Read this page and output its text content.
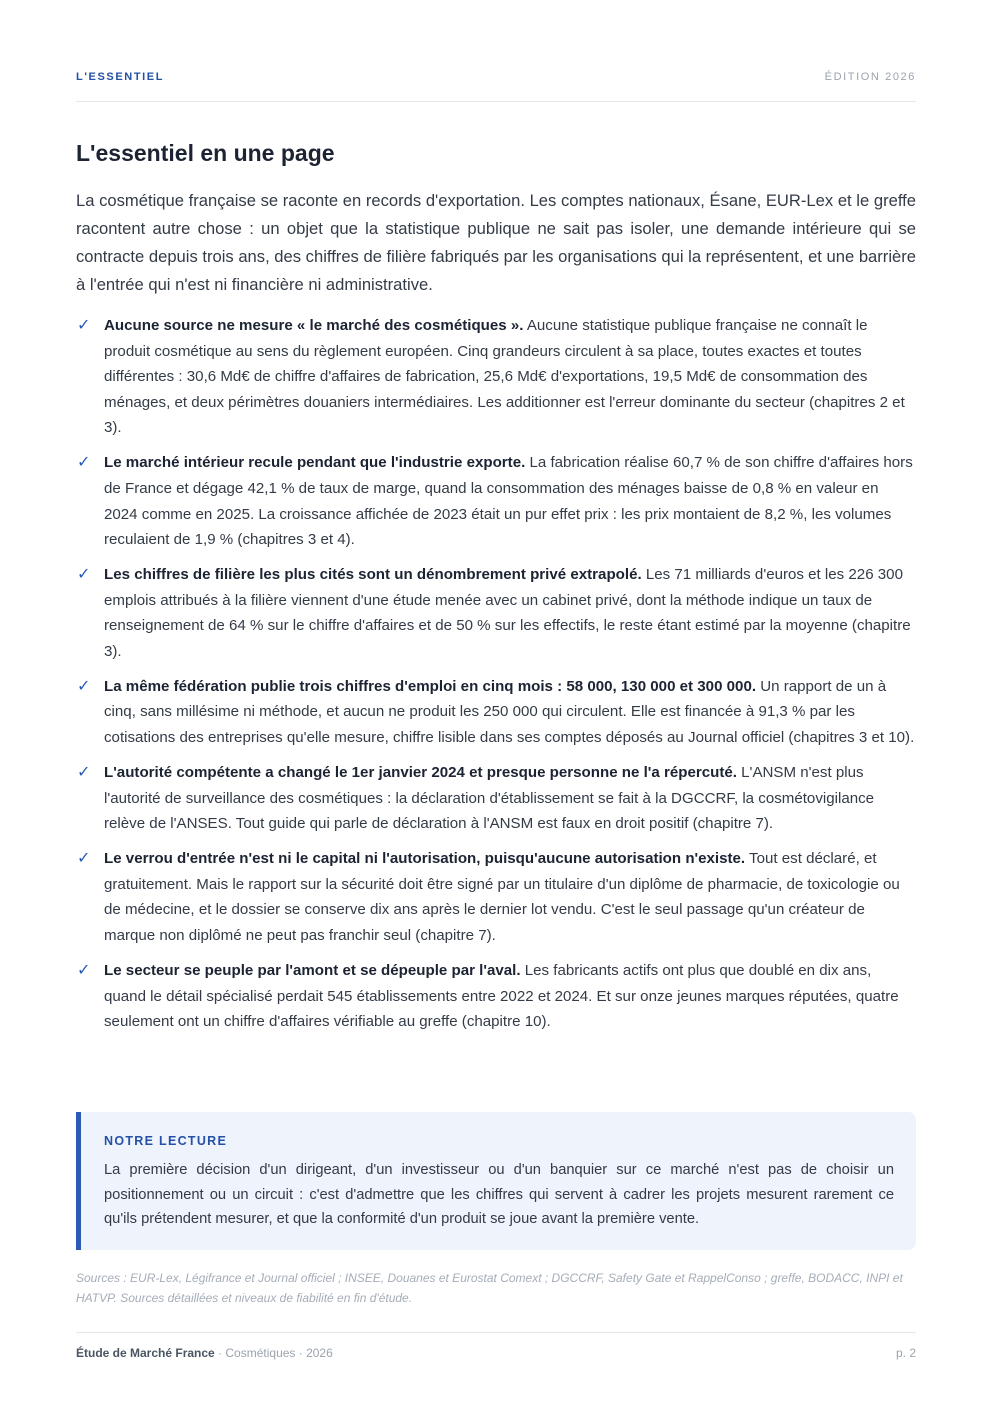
L'ESSENTIEL	ÉDITION 2026
L'essentiel en une page

La cosmétique française se raconte en records d'exportation. Les comptes nationaux, Ésane, EUR-Lex et le greffe racontent autre chose : un objet que la statistique publique ne sait pas isoler, une demande intérieure qui se contracte depuis trois ans, des chiffres de filière fabriqués par les organisations qui la représentent, et une barrière à l'entrée qui n'est ni financière ni administrative.

✓ Aucune source ne mesure « le marché des cosmétiques ». Aucune statistique publique française ne connaît le produit cosmétique au sens du règlement européen. Cinq grandeurs circulent à sa place, toutes exactes et toutes différentes : 30,6 Md€ de chiffre d'affaires de fabrication, 25,6 Md€ d'exportations, 19,5 Md€ de consommation des ménages, et deux périmètres douaniers intermédiaires. Les additionner est l'erreur dominante du secteur (chapitres 2 et 3).
✓ Le marché intérieur recule pendant que l'industrie exporte. La fabrication réalise 60,7 % de son chiffre d'affaires hors de France et dégage 42,1 % de taux de marge, quand la consommation des ménages baisse de 0,8 % en valeur en 2024 comme en 2025. La croissance affichée de 2023 était un pur effet prix : les prix montaient de 8,2 %, les volumes reculaient de 1,9 % (chapitres 3 et 4).
✓ Les chiffres de filière les plus cités sont un dénombrement privé extrapolé. Les 71 milliards d'euros et les 226 300 emplois attribués à la filière viennent d'une étude menée avec un cabinet privé, dont la méthode indique un taux de renseignement de 64 % sur le chiffre d'affaires et de 50 % sur les effectifs, le reste étant estimé par la moyenne (chapitre 3).
✓ La même fédération publie trois chiffres d'emploi en cinq mois : 58 000, 130 000 et 300 000. Un rapport de un à cinq, sans millésime ni méthode, et aucun ne produit les 250 000 qui circulent. Elle est financée à 91,3 % par les cotisations des entreprises qu'elle mesure, chiffre lisible dans ses comptes déposés au Journal officiel (chapitres 3 et 10).
✓ L'autorité compétente a changé le 1er janvier 2024 et presque personne ne l'a répercuté. L'ANSM n'est plus l'autorité de surveillance des cosmétiques : la déclaration d'établissement se fait à la DGCCRF, la cosmétovigilance relève de l'ANSES. Tout guide qui parle de déclaration à l'ANSM est faux en droit positif (chapitre 7).
✓ Le verrou d'entrée n'est ni le capital ni l'autorisation, puisqu'aucune autorisation n'existe. Tout est déclaré, et gratuitement. Mais le rapport sur la sécurité doit être signé par un titulaire d'un diplôme de pharmacie, de toxicologie ou de médecine, et le dossier se conserve dix ans après le dernier lot vendu. C'est le seul passage qu'un créateur de marque non diplômé ne peut pas franchir seul (chapitre 7).
✓ Le secteur se peuple par l'amont et se dépeuple par l'aval. Les fabricants actifs ont plus que doublé en dix ans, quand le détail spécialisé perdait 545 établissements entre 2022 et 2024. Et sur onze jeunes marques réputées, quatre seulement ont un chiffre d'affaires vérifiable au greffe (chapitre 10).

NOTRE LECTURE

La première décision d'un dirigeant, d'un investisseur ou d'un banquier sur ce marché n'est pas de choisir un positionnement ou un circuit : c'est d'admettre que les chiffres qui servent à cadrer les projets mesurent rarement ce qu'ils prétendent mesurer, et que la conformité d'un produit se joue avant la première vente.

Sources : EUR-Lex, Légifrance et Journal officiel ; INSEE, Douanes et Eurostat Comext ; DGCCRF, Safety Gate et RappelConso ; greffe, BODACC, INPI et HATVP. Sources détaillées et niveaux de fiabilité en fin d'étude.

Étude de Marché France · Cosmétiques · 2026	p. 2
